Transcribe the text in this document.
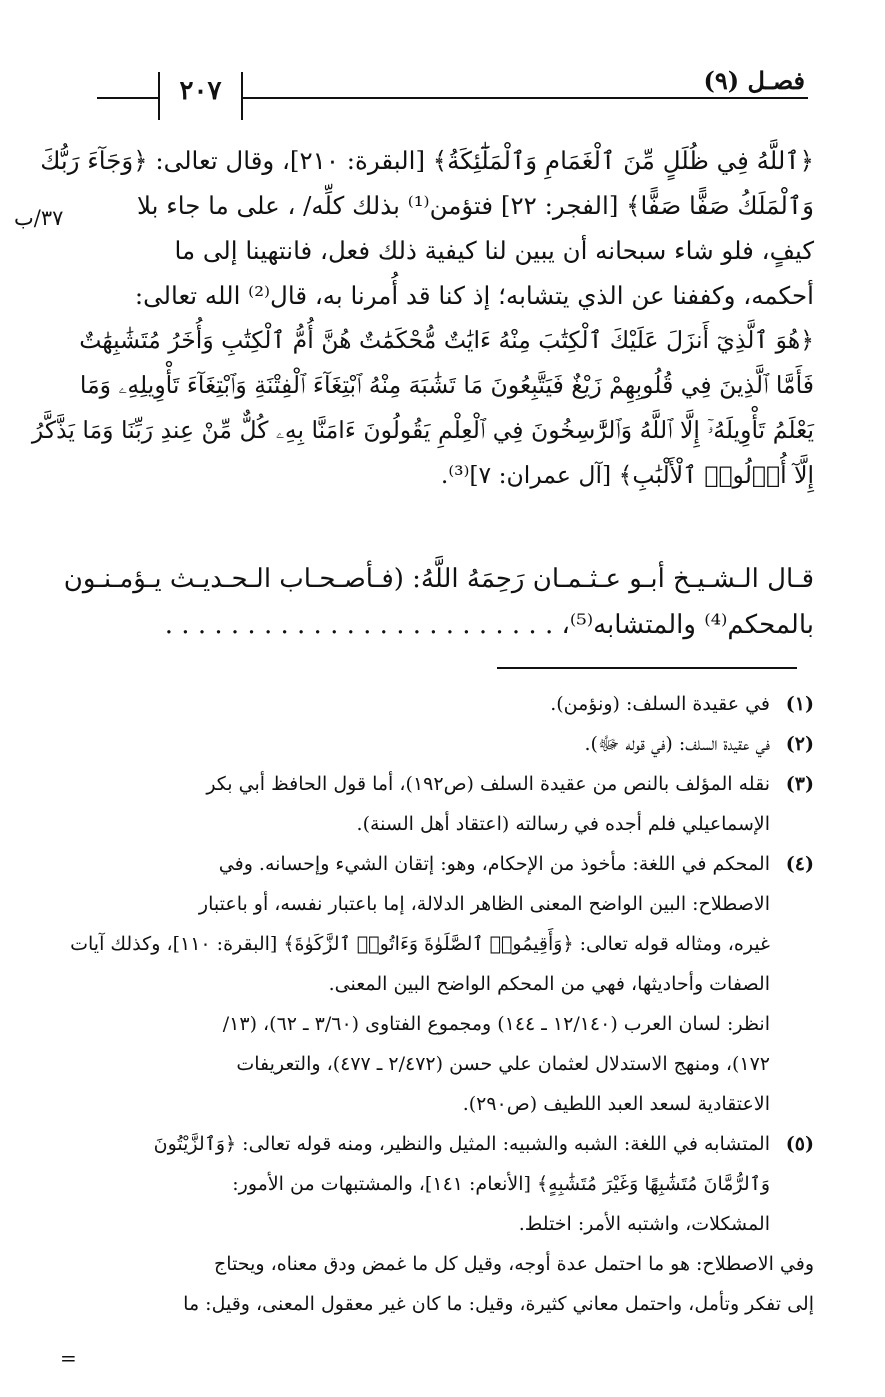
فصـل (٩)
٢٠٧
٣٧/ب
﴿ٱللَّهُ فِي ظُلَلٍ مِّنَ ٱلْغَمَامِ وَٱلْمَلَٰٓئِكَةُ﴾ [البقرة: ٢١٠]، وقال تعالى: ﴿وَجَآءَ رَبُّكَ
وَٱلْمَلَكُ صَفًّا صَفًّا﴾ [الفجر: ٢٢] فتؤمن⁽¹⁾ بذلك كلِّه/ ، على ما جاء بلا
كيفٍ، فلو شاء سبحانه أن يبين لنا كيفية ذلك فعل، فانتهينا إلى ما
أحكمه، وكففنا عن الذي يتشابه؛ إذ كنا قد أُمرنا به، قال⁽²⁾ الله تعالى:
﴿هُوَ ٱلَّذِيٓ أَنزَلَ عَلَيْكَ ٱلْكِتَٰبَ مِنْهُ ءَايَٰتٌ مُّحْكَمَٰتٌ هُنَّ أُمُّ ٱلْكِتَٰبِ وَأُخَرُ مُتَشَٰبِهَٰتٌ
فَأَمَّا ٱلَّذِينَ فِي قُلُوبِهِمْ زَيْغٌ فَيَتَّبِعُونَ مَا تَشَٰبَهَ مِنْهُ ٱبْتِغَآءَ ٱلْفِتْنَةِ وَٱبْتِغَآءَ تَأْوِيلِهِۦ وَمَا
يَعْلَمُ تَأْوِيلَهُۥٓ إِلَّا ٱللَّهُ وَٱلرَّٰسِخُونَ فِي ٱلْعِلْمِ يَقُولُونَ ءَامَنَّا بِهِۦ كُلٌّ مِّنْ عِندِ رَبِّنَا وَمَا يَذَّكَّرُ
إِلَّآ أُو۟لُوا۟ ٱلْأَلْبَٰبِ﴾ [آل عمران: ٧]⁽³⁾.
قـال الـشـيـخ أبـو عـثـمـان رَحِمَهُ اللَّهُ: (فـأصـحـاب الـحـديـث يـؤمـنـون
بالمحكم⁽⁴⁾ والمتشابه⁽⁵⁾، . . . . . . . . . . . . . . . . . . . . . . . .
(١)
في عقيدة السلف: (ونؤمن).
(٢)
في عقيدة السلف: (في قوله ﷻ).
(٣)
نقله المؤلف بالنص من عقيدة السلف (ص١٩٢)، أما قول الحافظ أبي بكر
الإسماعيلي فلم أجده في رسالته (اعتقاد أهل السنة).
(٤)
المحكم في اللغة: مأخوذ من الإحكام، وهو: إتقان الشيء وإحسانه. وفي
الاصطلاح: البين الواضح المعنى الظاهر الدلالة، إما باعتبار نفسه، أو باعتبار
غيره، ومثاله قوله تعالى: ﴿وَأَقِيمُوا۟ ٱلصَّلَوٰةَ وَءَاتُوا۟ ٱلزَّكَوٰةَ﴾ [البقرة: ١١٠]، وكذلك آيات
الصفات وأحاديثها، فهي من المحكم الواضح البين المعنى.
انظر: لسان العرب (١٢/١٤٠ ـ ١٤٤) ومجموع الفتاوى (٣/٦٠ ـ ٦٢)، (١٣/
١٧٢)، ومنهج الاستدلال لعثمان علي حسن (٢/٤٧٢ ـ ٤٧٧)، والتعريفات
الاعتقادية لسعد العبد اللطيف (ص٢٩٠).
(٥)
المتشابه في اللغة: الشبه والشبيه: المثيل والنظير، ومنه قوله تعالى: ﴿وَٱلزَّيْتُونَ
وَٱلرُّمَّانَ مُتَشَٰبِهًا وَغَيْرَ مُتَشَٰبِهٍ﴾ [الأنعام: ١٤١]، والمشتبهات من الأمور:
المشكلات، واشتبه الأمر: اختلط.
وفي الاصطلاح: هو ما احتمل عدة أوجه، وقيل كل ما غمض ودق معناه، ويحتاج
إلى تفكر وتأمل، واحتمل معاني كثيرة، وقيل: ما كان غير معقول المعنى، وقيل: ما
=
